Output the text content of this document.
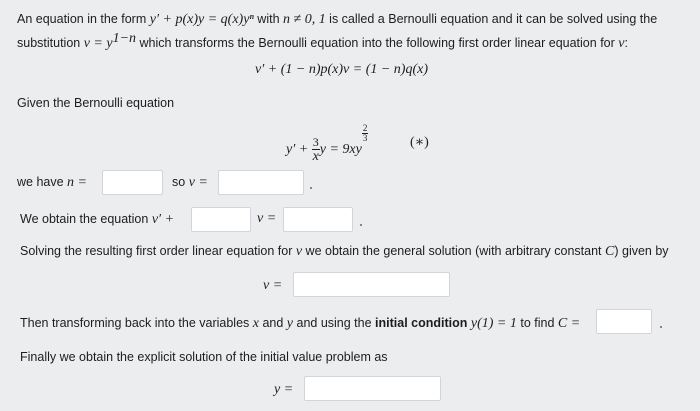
An equation in the form y′ + p(x)y = q(x)yⁿ with n ≠ 0, 1 is called a Bernoulli equation and it can be solved using the
substitution $v = y^{1-n}$ which transforms the Bernoulli equation into the following first order linear equation for v:
v′ + (1 − n)p(x)v = (1 − n)q(x)
Given the Bernoulli equation
$y' + \frac{3}{x}$ y = 9xy
$\frac{2}{3}$	(∗)
we have n =	so v =
We obtain the equation v′ +	v =
Solving the resulting first order linear equation for v we obtain the general solution (with arbitrary constant C) given by
v =
Then transforming back into the variables x and y and using the initial condition y(1) = 1 to find C =
Finally we obtain the explicit solution of the initial value problem as
y =
